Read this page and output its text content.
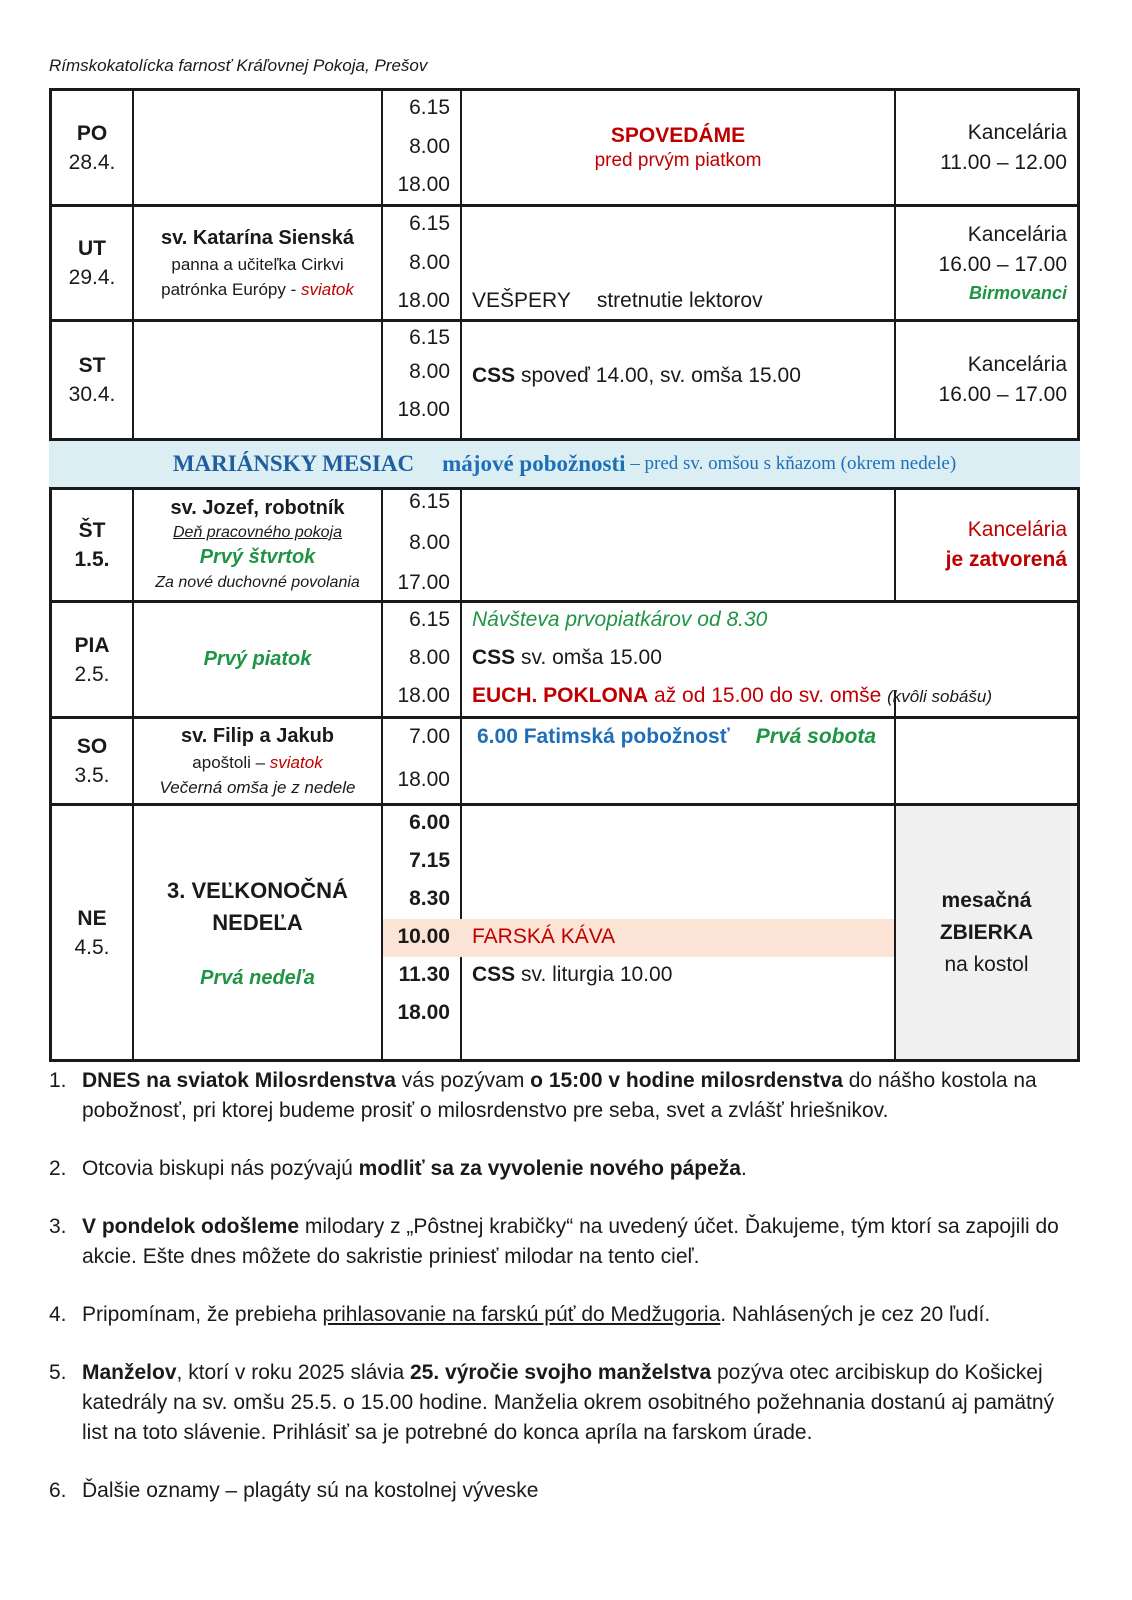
Rímskokatolícka farnosť Kráľovnej Pokoja, Prešov
PO
28.4.
6.15
8.00
18.00
SPOVEDÁME
pred prvým piatkom
Kancelária
11.00 – 12.00
UT
29.4.
sv. Katarína Sienská
panna a učiteľka Cirkvi
patrónka Európy - sviatok
6.15
8.00
18.00 VEŠPERY stretnutie lektorov
Kancelária
16.00 – 17.00
Birmovanci
ST
30.4.
6.15
8.00
18.00
CSS spoveď 14.00, sv. omša 15.00	Kancelária
16.00 – 17.00
MARIÁNSKY MESIAC májové pobožnosti – pred sv. omšou s kňazom (okrem nedele)
ŠT
1.5.
sv. Jozef, robotník
Deň pracovného pokoja
Prvý štvrtok
Za nové duchovné povolania
6.15
8.00
17.00
Kancelária
je zatvorená
PIA
2.5.
Prvý piatok
6.15
8.00
18.00
Návšteva prvopiatkárov od 8.30
CSS sv. omša 15.00
EUCH. POKLONA až od 15.00 do sv. omše (kvôli sobášu)
SO
3.5.
sv. Filip a Jakub
apoštoli – sviatok
Večerná omša je z nedele
7.00
18.00
6.00 Fatimská pobožnosť Prvá sobota
NE
4.5.
3. VEĽKONOČNÁ
NEDEĽA
Prvá nedeľa
6.00
7.15
8.30
10.00
11.30
18.00
FARSKÁ KÁVA
CSS sv. liturgia 10.00
mesačná
ZBIERKA
na kostol
1. DNES na sviatok Milosrdenstva vás pozývam o 15:00 v hodine milosrdenstva do nášho kostola na pobožnosť, pri ktorej budeme prosiť o milosrdenstvo pre seba, svet a zvlášť hriešnikov.
2. Otcovia biskupi nás pozývajú modliť sa za vyvolenie nového pápeža.
3. V pondelok odošleme milodary z „Pôstnej krabičky“ na uvedený účet. Ďakujeme, tým ktorí sa zapojili do akcie. Ešte dnes môžete do sakristie priniesť milodar na tento cieľ.
4. Pripomínam, že prebieha prihlasovanie na farskú púť do Medžugoria. Nahlásených je cez 20 ľudí.
5. Manželov, ktorí v roku 2025 slávia 25. výročie svojho manželstva pozýva otec arcibiskup do Košickej katedrály na sv. omšu 25.5. o 15.00 hodine. Manželia okrem osobitného požehnania dostanú aj pamätný list na toto slávenie. Prihlásiť sa je potrebné do konca apríla na farskom úrade.
6. Ďalšie oznamy – plagáty sú na kostolnej vývеske
